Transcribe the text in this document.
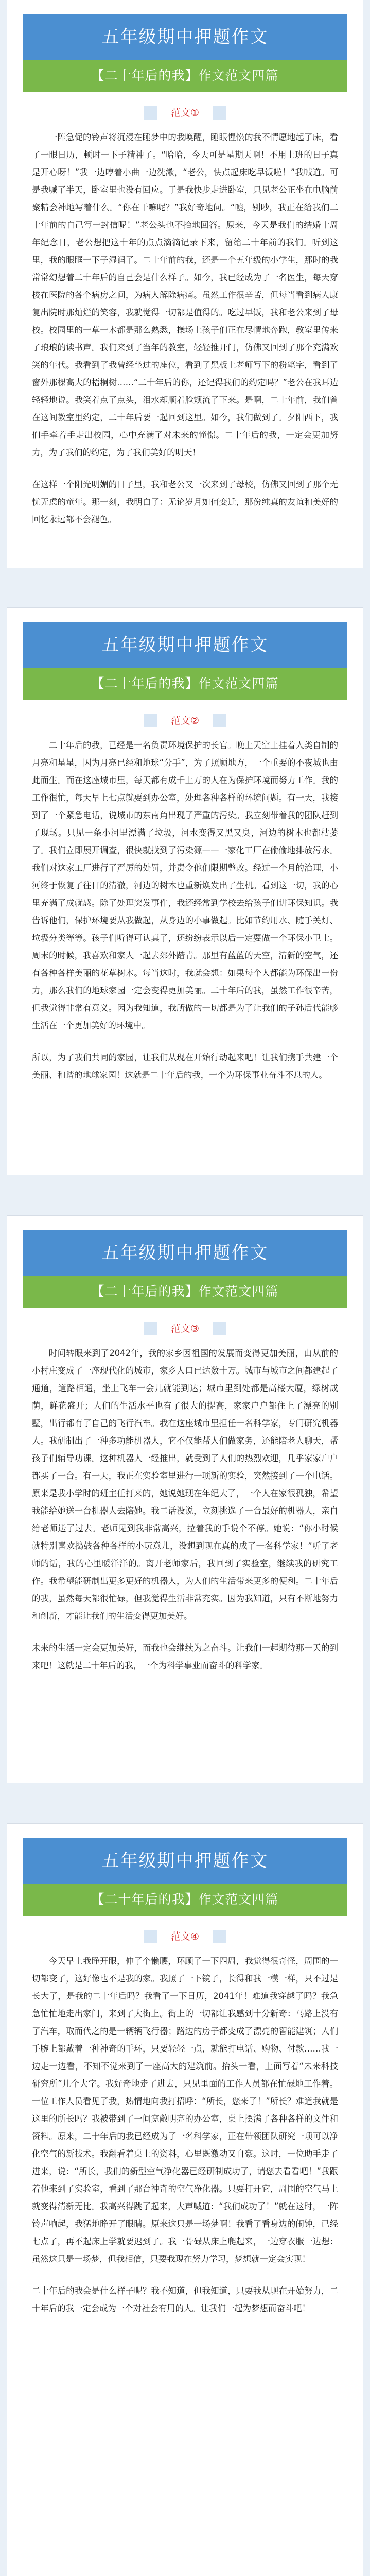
五年级期中押题作文
【二十年后的我】作文范文四篇
范文①
一阵急促的铃声将沉浸在睡梦中的我唤醒，睡眼惺忪的我不情愿地起了床，看了一眼日历，顿时一下子精神了。“哈哈，今天可是星期天啊！不用上班的日子真是开心呀！”我一边哼着小曲一边洗漱，“老公，快点起床吃早饭啦！”我喊道。可是我喊了半天，卧室里也没有回应。于是我快步走进卧室，只见老公正坐在电脑前聚精会神地写着什么。“你在干嘛呢？”我好奇地问。“嘘，别吵，我正在给我们二十年前的自己写一封信呢！”老公头也不抬地回答。原来，今天是我们的结婚十周年纪念日，老公想把这十年的点点滴滴记录下来，留给二十年前的我们。听到这里，我的眼眶一下子湿润了。二十年前的我，还是一个五年级的小学生，那时的我常常幻想着二十年后的自己会是什么样子。如今，我已经成为了一名医生，每天穿梭在医院的各个病房之间，为病人解除病痛。虽然工作很辛苦，但每当看到病人康复出院时那灿烂的笑容，我就觉得一切都是值得的。吃过早饭，我和老公来到了母校。校园里的一草一木都是那么熟悉，操场上孩子们正在尽情地奔跑，教室里传来了琅琅的读书声。我们来到了当年的教室，轻轻推开门，仿佛又回到了那个充满欢笑的年代。我看到了我曾经坐过的座位，看到了黑板上老师写下的粉笔字，看到了窗外那棵高大的梧桐树……“二十年后的你，还记得我们的约定吗？”老公在我耳边轻轻地说。我笑着点了点头，泪水却顺着脸颊流了下来。是啊，二十年前，我们曾在这间教室里约定，二十年后要一起回到这里。如今，我们做到了。夕阳西下，我们手牵着手走出校园，心中充满了对未来的憧憬。二十年后的我，一定会更加努力，为了我们的约定，为了我们美好的明天！
在这样一个阳光明媚的日子里，我和老公又一次来到了母校，仿佛又回到了那个无忧无虑的童年。那一刻，我明白了：无论岁月如何变迁，那份纯真的友谊和美好的回忆永远都不会褪色。
五年级期中押题作文
【二十年后的我】作文范文四篇
范文②
二十年后的我，已经是一名负责环境保护的长官。晚上天空上挂着人类自制的月亮和星星，因为月亮已经和地球“分手”，为了照顾地方，一个重要的不夜城也由此而生。而在这座城市里，每天都有成千上万的人在为保护环境而努力工作。我的工作很忙，每天早上七点就要到办公室，处理各种各样的环境问题。有一天，我接到了一个紧急电话，说城市的东南角出现了严重的污染。我立刻带着我的团队赶到了现场。只见一条小河里漂满了垃圾，河水变得又黑又臭，河边的树木也都枯萎了。我们立即展开调查，很快就找到了污染源——一家化工厂在偷偷地排放污水。我们对这家工厂进行了严厉的处罚，并责令他们限期整改。经过一个月的治理，小河终于恢复了往日的清澈，河边的树木也重新焕发出了生机。看到这一切，我的心里充满了成就感。除了处理突发事件，我还经常到学校去给孩子们讲环保知识。我告诉他们，保护环境要从我做起，从身边的小事做起。比如节约用水、随手关灯、垃圾分类等等。孩子们听得可认真了，还纷纷表示以后一定要做一个环保小卫士。周末的时候，我喜欢和家人一起去郊外踏青。那里有蓝蓝的天空，清新的空气，还有各种各样美丽的花草树木。每当这时，我就会想：如果每个人都能为环保出一份力，那么我们的地球家园一定会变得更加美丽。二十年后的我，虽然工作很辛苦，但我觉得非常有意义。因为我知道，我所做的一切都是为了让我们的子孙后代能够生活在一个更加美好的环境中。
所以，为了我们共同的家园，让我们从现在开始行动起来吧！让我们携手共建一个美丽、和谐的地球家园！这就是二十年后的我，一个为环保事业奋斗不息的人。
五年级期中押题作文
【二十年后的我】作文范文四篇
范文③
时间转眼来到了2042年，我的家乡因祖国的发展而变得更加美丽，由从前的小村庄变成了一座现代化的城市，家乡人口已达数十万。城市与城市之间都建起了通道，道路相通，坐上飞车一会儿就能到达；城市里到处都是高楼大厦，绿树成荫，鲜花盛开；人们的生活水平也有了很大的提高，家家户户都住上了漂亮的别墅，出行都有了自己的飞行汽车。我在这座城市里担任一名科学家，专门研究机器人。我研制出了一种多功能机器人，它不仅能帮人们做家务，还能陪老人聊天，帮孩子们辅导功课。这种机器人一经推出，就受到了人们的热烈欢迎，几乎家家户户都买了一台。有一天，我正在实验室里进行一项新的实验，突然接到了一个电话。原来是我小学时的班主任打来的，她说她现在年纪大了，一个人在家很孤独，希望我能给她送一台机器人去陪她。我二话没说，立刻挑选了一台最好的机器人，亲自给老师送了过去。老师见到我非常高兴，拉着我的手说个不停。她说：“你小时候就特别喜欢捣鼓各种各样的小玩意儿，没想到现在真的成了一名科学家！”听了老师的话，我的心里暖洋洋的。离开老师家后，我回到了实验室，继续我的研究工作。我希望能研制出更多更好的机器人，为人们的生活带来更多的便利。二十年后的我，虽然每天都很忙碌，但我觉得生活非常充实。因为我知道，只有不断地努力和创新，才能让我们的生活变得更加美好。
未来的生活一定会更加美好，而我也会继续为之奋斗。让我们一起期待那一天的到来吧！这就是二十年后的我，一个为科学事业而奋斗的科学家。
五年级期中押题作文
【二十年后的我】作文范文四篇
范文④
今天早上我睁开眼，伸了个懒腰，环顾了一下四周，我觉得很奇怪，周围的一切都变了，这好像也不是我的家。我照了一下镜子，长得和我一模一样，只不过是长大了，是我的二十年后吗？我看了一下日历，2041年！难道我穿越了吗？我急急忙忙地走出家门，来到了大街上。街上的一切都让我感到十分新奇：马路上没有了汽车，取而代之的是一辆辆飞行器；路边的房子都变成了漂亮的智能建筑；人们手腕上都戴着一种神奇的手环，只要轻轻一点，就能打电话、购物、付款……我一边走一边看，不知不觉来到了一座高大的建筑前。抬头一看，上面写着“未来科技研究所”几个大字。我好奇地走了进去，只见里面的工作人员都在忙碌地工作着。一位工作人员看见了我，热情地向我打招呼：“所长，您来了！”所长？难道我就是这里的所长吗？我被带到了一间宽敞明亮的办公室，桌上摆满了各种各样的文件和资料。原来，二十年后的我已经成为了一名科学家，正在带领团队研究一项可以净化空气的新技术。我翻看着桌上的资料，心里既激动又自豪。这时，一位助手走了进来，说：“所长，我们的新型空气净化器已经研制成功了，请您去看看吧！”我跟着他来到了实验室，看到了那台神奇的空气净化器。只要打开它，周围的空气马上就变得清新无比。我高兴得跳了起来，大声喊道：“我们成功了！”就在这时，一阵铃声响起，我猛地睁开了眼睛。原来这只是一场梦啊！我看了看身边的闹钟，已经七点了，再不起床上学就要迟到了。我一骨碌从床上爬起来，一边穿衣服一边想：虽然这只是一场梦，但我相信，只要我现在努力学习，梦想就一定会实现！
二十年后的我会是什么样子呢？我不知道，但我知道，只要我从现在开始努力，二十年后的我一定会成为一个对社会有用的人。让我们一起为梦想而奋斗吧！
